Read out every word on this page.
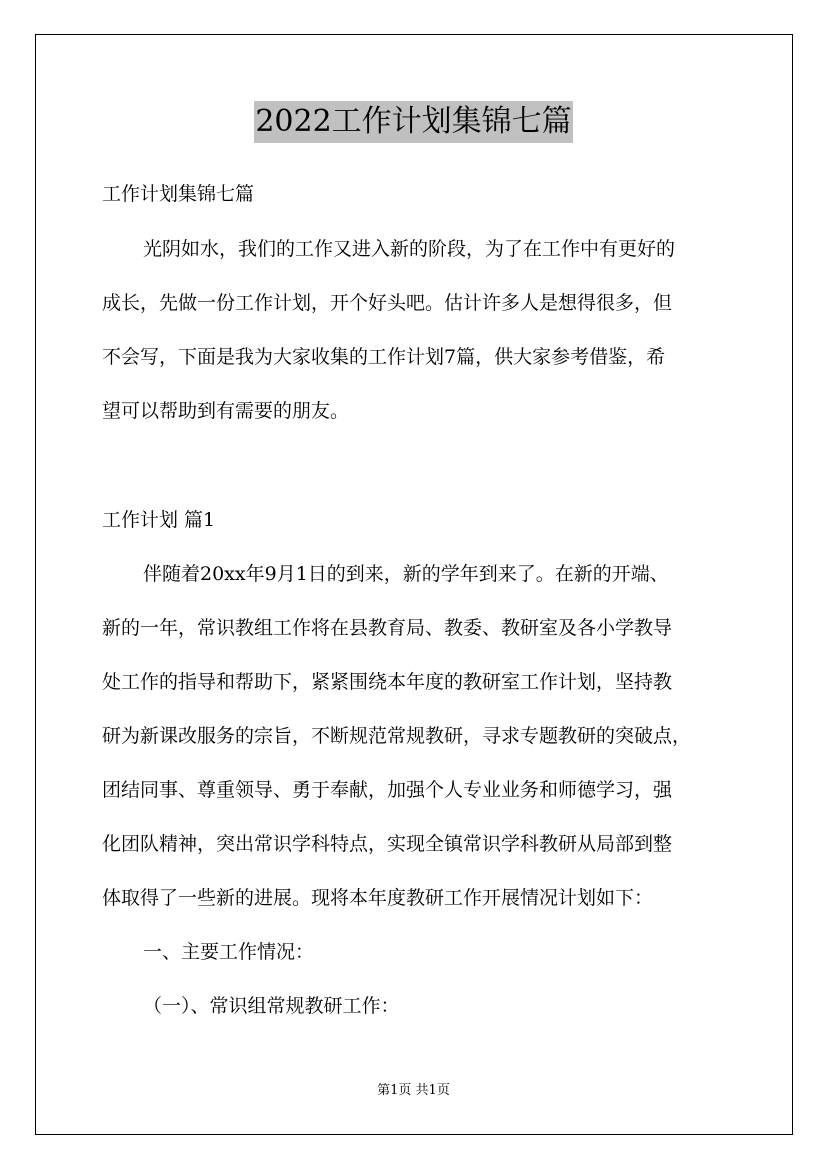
2022工作计划集锦七篇
工作计划集锦七篇
光阴如水，我们的工作又进入新的阶段，为了在工作中有更好的
成长，先做一份工作计划，开个好头吧。估计许多人是想得很多，但
不会写，下面是我为大家收集的工作计划7篇，供大家参考借鉴，希
望可以帮助到有需要的朋友。
工作计划 篇1
伴随着20xx年9月1日的到来，新的学年到来了。在新的开端、
新的一年，常识教组工作将在县教育局、教委、教研室及各小学教导
处工作的指导和帮助下，紧紧围绕本年度的教研室工作计划，坚持教
研为新课改服务的宗旨，不断规范常规教研，寻求专题教研的突破点，
团结同事、尊重领导、勇于奉献，加强个人专业业务和师德学习，强
化团队精神，突出常识学科特点，实现全镇常识学科教研从局部到整
体取得了一些新的进展。现将本年度教研工作开展情况计划如下：
一、主要工作情况：
（一）、常识组常规教研工作：
第1页 共1页
